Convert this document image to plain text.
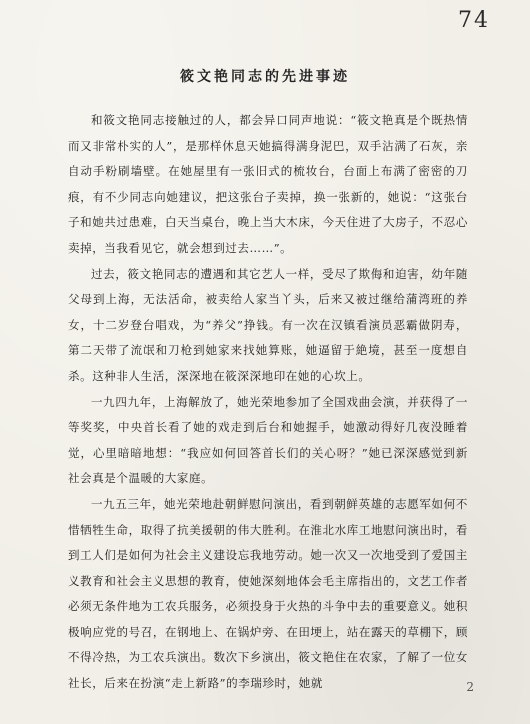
74
筱文艳同志的先进事迹

和筱文艳同志接触过的人，都会异口同声地说：“筱文艳真是个既热情而又非常朴实的人”，是那样休息天她搞得满身泥巴，双手沾满了石灰，亲自动手粉刷墙壁。在她屋里有一张旧式的梳妆台，台面上布满了密密的刀痕，有不少同志向她建议，把这张台子卖掉，换一张新的，她说：“这张台子和她共过患难，白天当桌台，晚上当大木床，今天住进了大房子，不忍心卖掉，当我看见它，就会想到过去……”。

过去，筱文艳同志的遭遇和其它艺人一样，受尽了欺侮和迫害，幼年随父母到上海，无法活命，被卖给人家当丫头，后来又被过继给蒲湾班的养女，十二岁登台唱戏，为“养父”挣钱。有一次在汉镇看演员恶霸做阴寿，第二天带了流氓和刀枪到她家来找她算账，她逼留于絶境，甚至一度想自杀。这种非人生活，深深地在筱深深地印在她的心坎上。

一九四九年，上海解放了，她光荣地参加了全国戏曲会演，并获得了一等奖奖，中央首长看了她的戏走到后台和她握手，她激动得好几夜没睡着觉，心里暗暗地想：“我应如何回答首长们的关心呀？”她已深深感觉到新社会真是个温暖的大家庭。

一九五三年，她光荣地赴朝鲜慰问演出，看到朝鲜英雄的志愿军如何不惜牺牲生命，取得了抗美援朝的伟大胜利。在淮北水库工地慰问演出时，看到工人们是如何为社会主义建设忘我地劳动。她一次又一次地受到了爱国主义教育和社会主义思想的教育，使她深刻地体会毛主席指出的，文艺工作者必须无条件地为工农兵服务，必须投身于火热的斗争中去的重要意义。她积极响应党的号召，在钢地上、在锅炉旁、在田埂上，站在露天的草棚下，顾不得冷热，为工农兵演出。数次下乡演出，筱文艳住在农家，了解了一位女社长，后来在扮演“走上新路”的李瑞珍时，她就	2
